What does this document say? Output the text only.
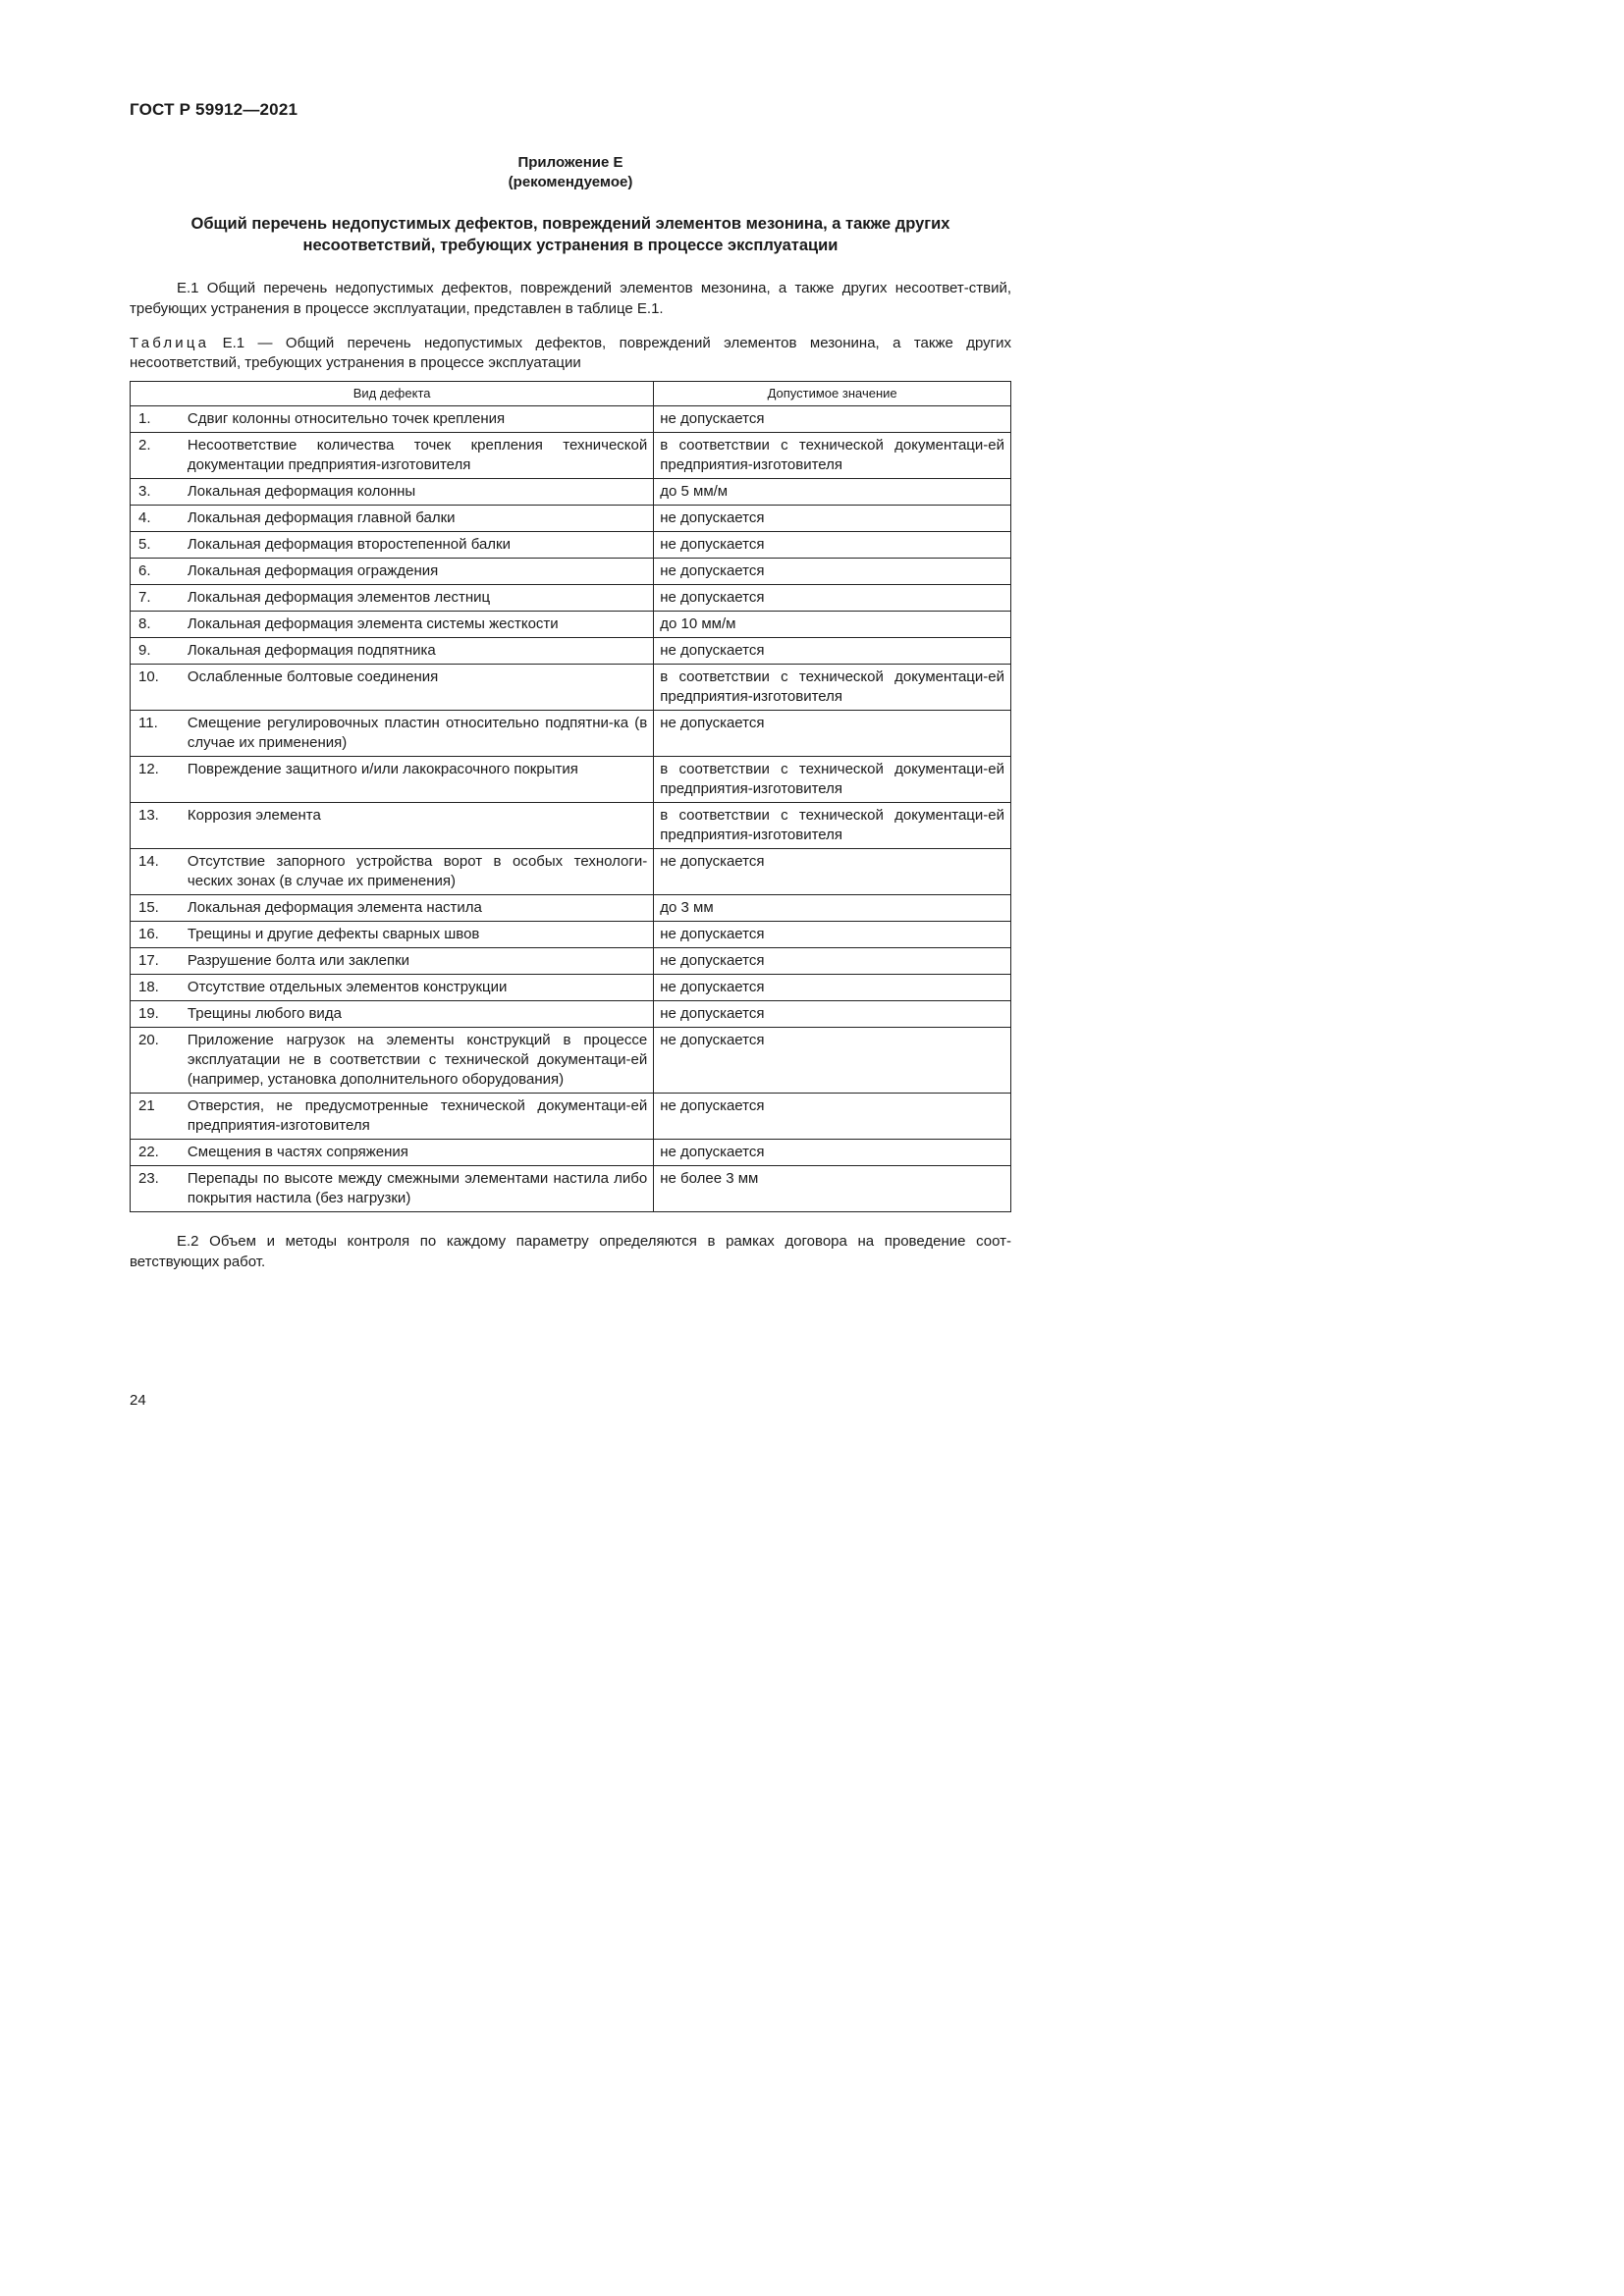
ГОСТ Р 59912—2021
Приложение Е
(рекомендуемое)
Общий перечень недопустимых дефектов, повреждений элементов мезонина, а также других
несоответствий, требующих устранения в процессе эксплуатации
Е.1 Общий перечень недопустимых дефектов, повреждений элементов мезонина, а также других несоответ-ствий, требующих устранения в процессе эксплуатации, представлен в таблице Е.1.
Таблица Е.1 — Общий перечень недопустимых дефектов, повреждений элементов мезонина, а также других несоответствий, требующих устранения в процессе эксплуатации
Вид дефекта		Допустимое значение
1.	Сдвиг колонны относительно точек крепления	не допускается
2.	Несоответствие количества точек крепления технической документации предприятия-изготовителя	в соответствии с технической документаци-ей предприятия-изготовителя
3.	Локальная деформация колонны	до 5 мм/м
4.	Локальная деформация главной балки	не допускается
5.	Локальная деформация второстепенной балки	не допускается
6.	Локальная деформация ограждения	не допускается
7.	Локальная деформация элементов лестниц	не допускается
8.	Локальная деформация элемента системы жесткости	до 10 мм/м
9.	Локальная деформация подпятника	не допускается
10.	Ослабленные болтовые соединения	в соответствии с технической документаци-ей предприятия-изготовителя
11.	Смещение регулировочных пластин относительно подпятни-ка (в случае их применения)	не допускается
12.	Повреждение защитного и/или лакокрасочного покрытия	в соответствии с технической документаци-ей предприятия-изготовителя
13.	Коррозия элемента	в соответствии с технической документаци-ей предприятия-изготовителя
14.	Отсутствие запорного устройства ворот в особых технологи-ческих зонах (в случае их применения)	не допускается
15.	Локальная деформация элемента настила	до 3 мм
16.	Трещины и другие дефекты сварных швов	не допускается
17.	Разрушение болта или заклепки	не допускается
18.	Отсутствие отдельных элементов конструкции	не допускается
19.	Трещины любого вида	не допускается
20.	Приложение нагрузок на элементы конструкций в процессе эксплуатации не в соответствии с технической документаци-ей (например, установка дополнительного оборудования)	не допускается
21	Отверстия, не предусмотренные технической документаци-ей предприятия-изготовителя	не допускается
22.	Смещения в частях сопряжения	не допускается
23.	Перепады по высоте между смежными элементами настила либо покрытия настила (без нагрузки)	не более 3 мм
Е.2 Объем и методы контроля по каждому параметру определяются в рамках договора на проведение соот-ветствующих работ.
24
